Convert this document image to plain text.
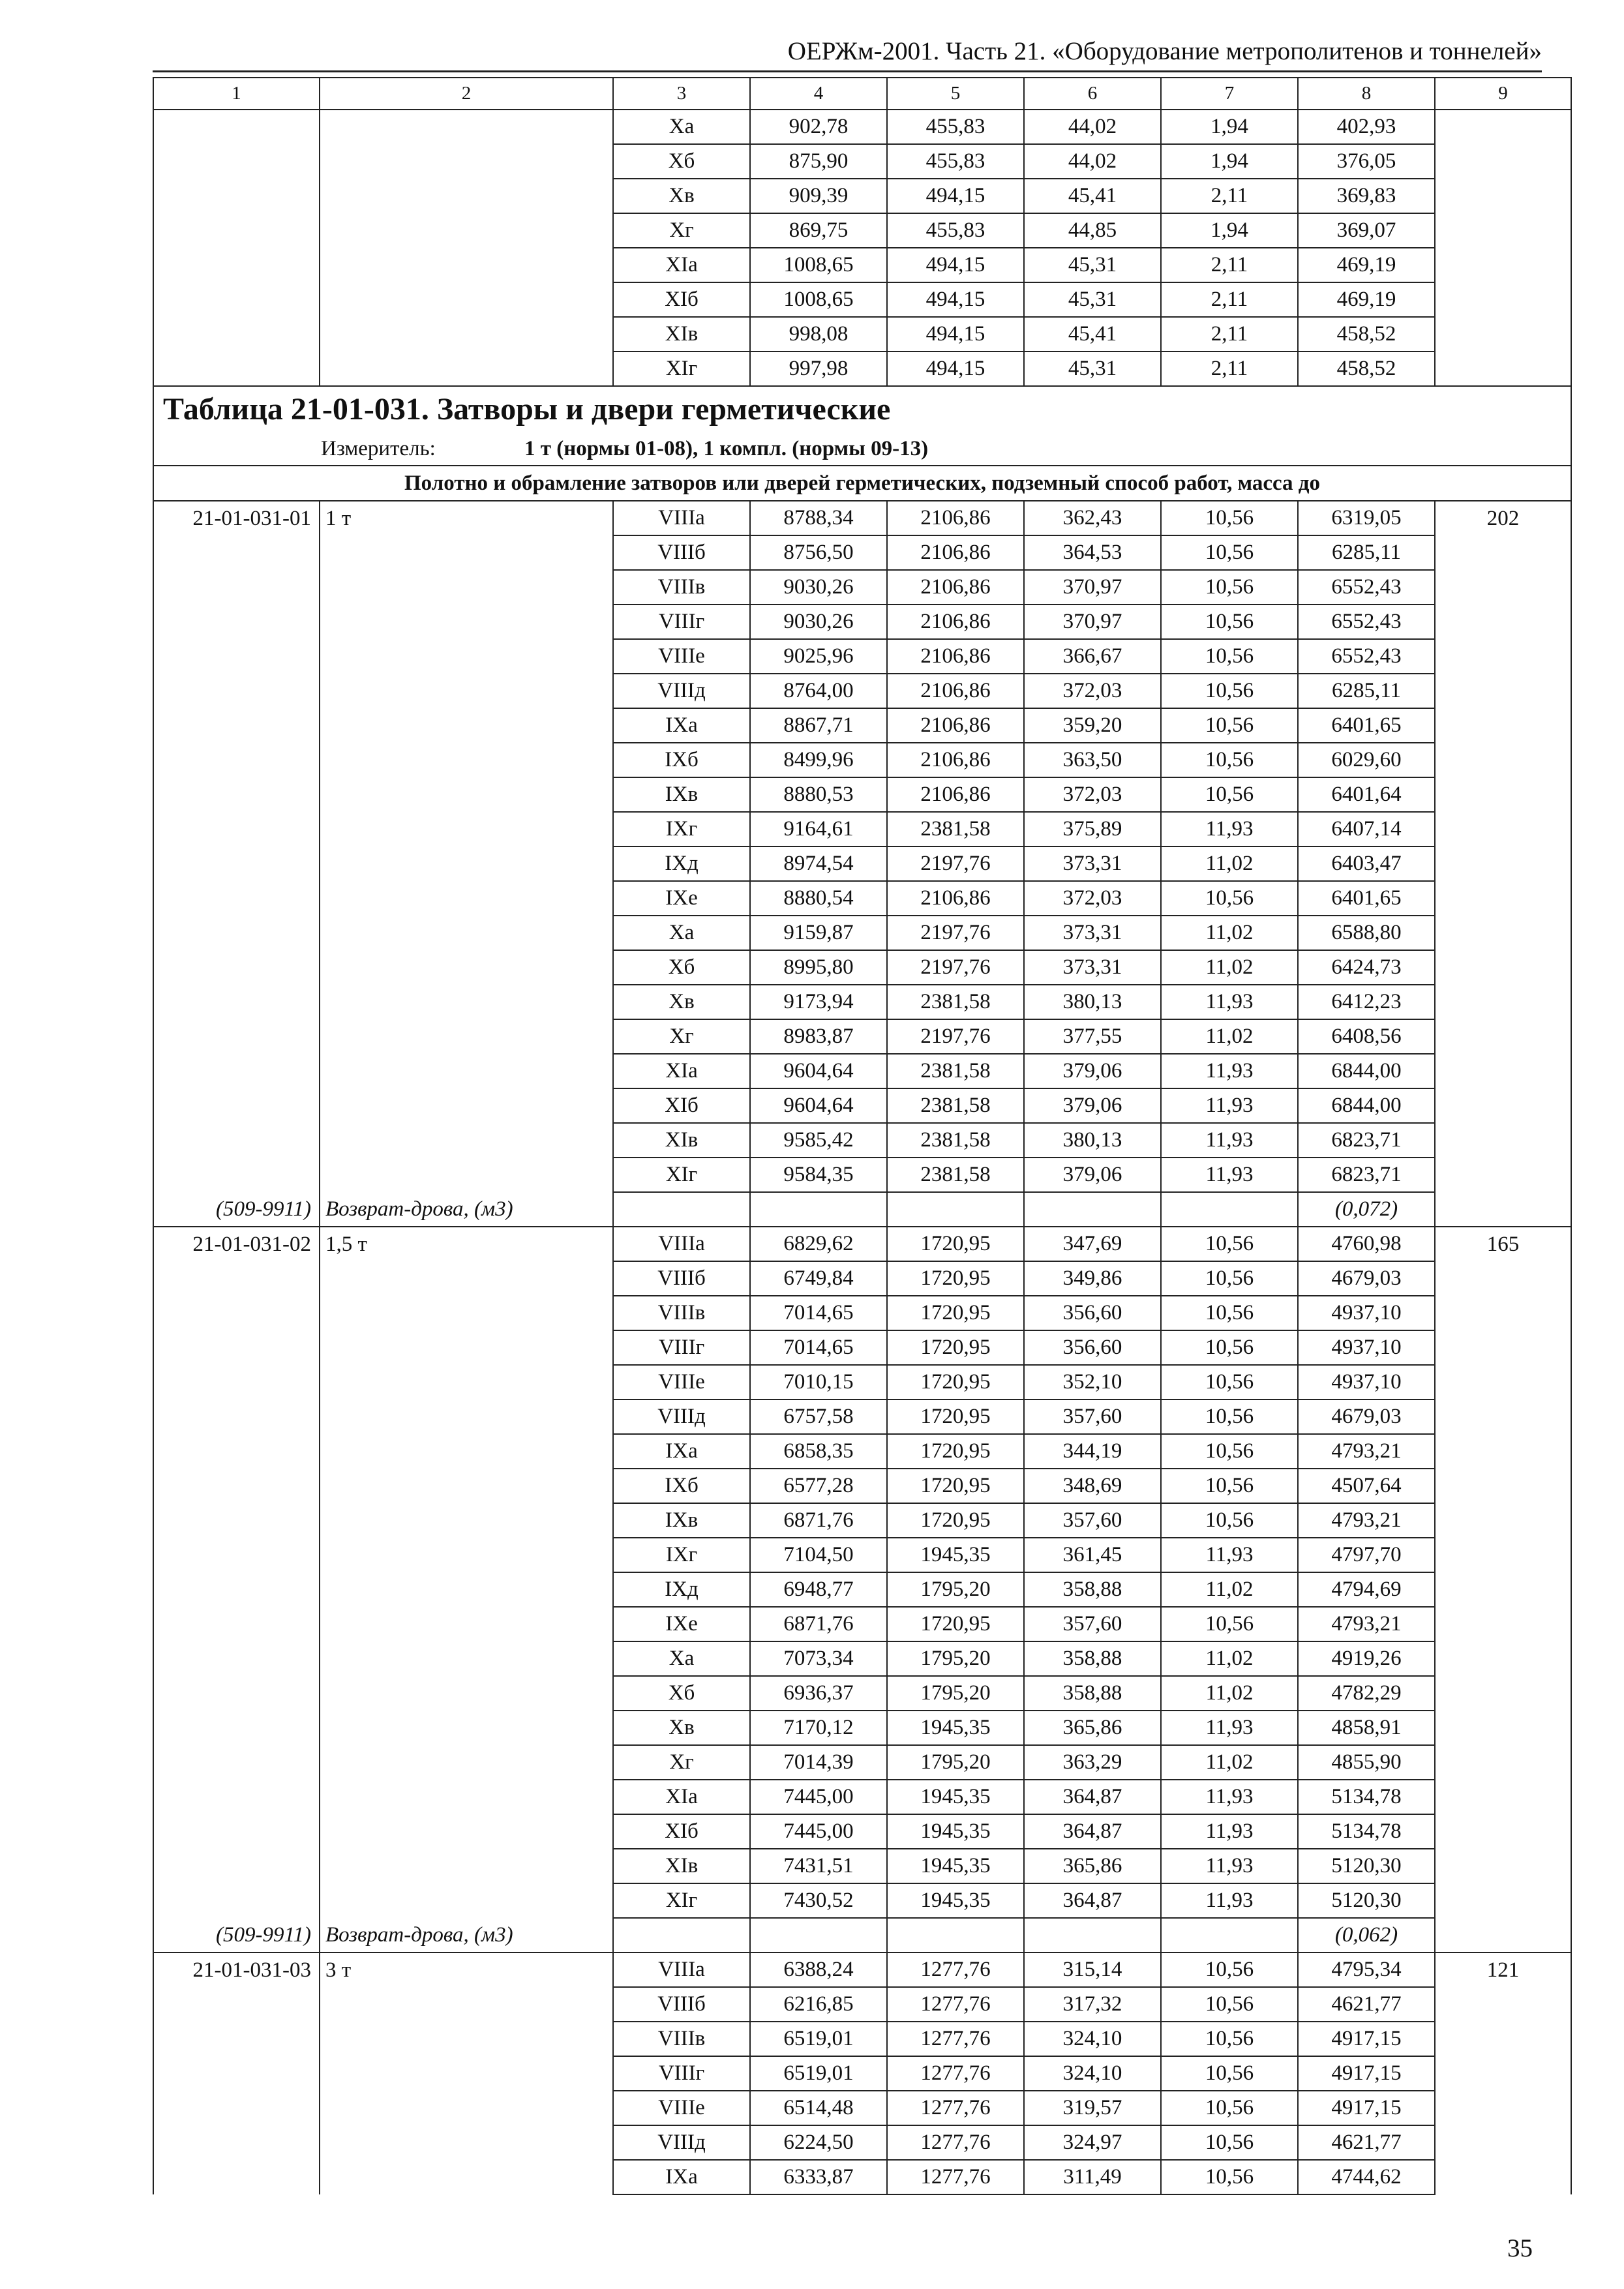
ОЕРЖм-2001. Часть 21. «Оборудование метрополитенов и тоннелей»
1	2	3	4	5	6	7	8	9
		Xа	902,78	455,83	44,02	1,94	402,93	
		Xб	875,90	455,83	44,02	1,94	376,05	
		Xв	909,39	494,15	45,41	2,11	369,83	
		Xг	869,75	455,83	44,85	1,94	369,07	
		XIа	1008,65	494,15	45,31	2,11	469,19	
		XIб	1008,65	494,15	45,31	2,11	469,19	
		XIв	998,08	494,15	45,41	2,11	458,52	
		XIг	997,98	494,15	45,31	2,11	458,52	
Таблица 21-01-031. Затворы и двери герметические								
Измеритель: 1 т (нормы 01-08), 1 компл. (нормы 09-13)								
Полотно и обрамление затворов или дверей герметических, подземный способ работ, масса до								
21-01-031-01	1 т	VIIIа	8788,34	2106,86	362,43	10,56	6319,05	202
		VIIIб	8756,50	2106,86	364,53	10,56	6285,11	
		VIIIв	9030,26	2106,86	370,97	10,56	6552,43	
		VIIIг	9030,26	2106,86	370,97	10,56	6552,43	
		VIIIе	9025,96	2106,86	366,67	10,56	6552,43	
		VIIIд	8764,00	2106,86	372,03	10,56	6285,11	
		IXа	8867,71	2106,86	359,20	10,56	6401,65	
		IXб	8499,96	2106,86	363,50	10,56	6029,60	
		IXв	8880,53	2106,86	372,03	10,56	6401,64	
		IXг	9164,61	2381,58	375,89	11,93	6407,14	
		IXд	8974,54	2197,76	373,31	11,02	6403,47	
		IXе	8880,54	2106,86	372,03	10,56	6401,65	
		Xа	9159,87	2197,76	373,31	11,02	6588,80	
		Xб	8995,80	2197,76	373,31	11,02	6424,73	
		Xв	9173,94	2381,58	380,13	11,93	6412,23	
		Xг	8983,87	2197,76	377,55	11,02	6408,56	
		XIа	9604,64	2381,58	379,06	11,93	6844,00	
		XIб	9604,64	2381,58	379,06	11,93	6844,00	
		XIв	9585,42	2381,58	380,13	11,93	6823,71	
		XIг	9584,35	2381,58	379,06	11,93	6823,71	
(509-9911)	Возврат-дрова, (м3)						(0,072)	
21-01-031-02	1,5 т	VIIIа	6829,62	1720,95	347,69	10,56	4760,98	165
		VIIIб	6749,84	1720,95	349,86	10,56	4679,03	
		VIIIв	7014,65	1720,95	356,60	10,56	4937,10	
		VIIIг	7014,65	1720,95	356,60	10,56	4937,10	
		VIIIе	7010,15	1720,95	352,10	10,56	4937,10	
		VIIIд	6757,58	1720,95	357,60	10,56	4679,03	
		IXа	6858,35	1720,95	344,19	10,56	4793,21	
		IXб	6577,28	1720,95	348,69	10,56	4507,64	
		IXв	6871,76	1720,95	357,60	10,56	4793,21	
		IXг	7104,50	1945,35	361,45	11,93	4797,70	
		IXд	6948,77	1795,20	358,88	11,02	4794,69	
		IXе	6871,76	1720,95	357,60	10,56	4793,21	
		Xа	7073,34	1795,20	358,88	11,02	4919,26	
		Xб	6936,37	1795,20	358,88	11,02	4782,29	
		Xв	7170,12	1945,35	365,86	11,93	4858,91	
		Xг	7014,39	1795,20	363,29	11,02	4855,90	
		XIа	7445,00	1945,35	364,87	11,93	5134,78	
		XIб	7445,00	1945,35	364,87	11,93	5134,78	
		XIв	7431,51	1945,35	365,86	11,93	5120,30	
		XIг	7430,52	1945,35	364,87	11,93	5120,30	
(509-9911)	Возврат-дрова, (м3)						(0,062)	
21-01-031-03	3 т	VIIIа	6388,24	1277,76	315,14	10,56	4795,34	121
		VIIIб	6216,85	1277,76	317,32	10,56	4621,77	
		VIIIв	6519,01	1277,76	324,10	10,56	4917,15	
		VIIIг	6519,01	1277,76	324,10	10,56	4917,15	
		VIIIе	6514,48	1277,76	319,57	10,56	4917,15	
		VIIIд	6224,50	1277,76	324,97	10,56	4621,77	
		IXа	6333,87	1277,76	311,49	10,56	4744,62	
35
